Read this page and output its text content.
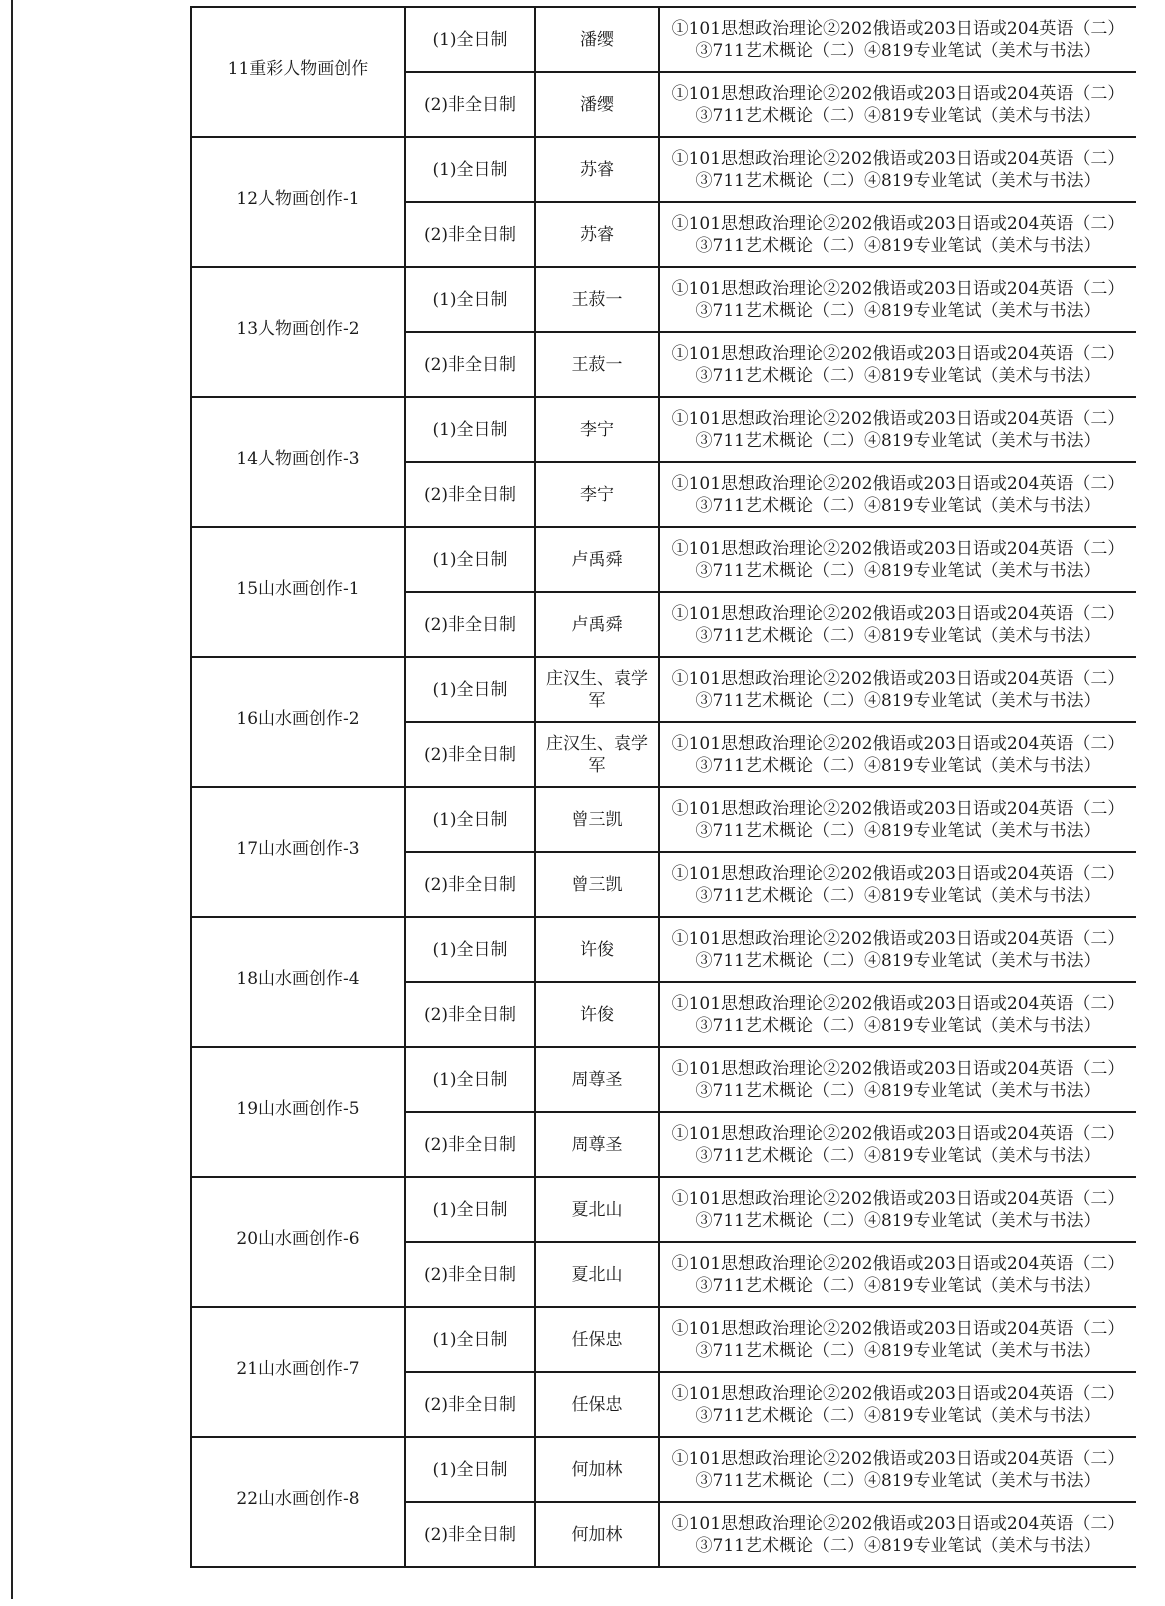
11重彩人物画创作	(1)全日制	潘缨	①101思想政治理论②202俄语或203日语或204英语（二）
③711艺术概论（二）④819专业笔试（美术与书法）

	(2)非全日制	潘缨	①101思想政治理论②202俄语或203日语或204英语（二）
③711艺术概论（二）④819专业笔试（美术与书法）

12人物画创作-1	(1)全日制	苏睿	①101思想政治理论②202俄语或203日语或204英语（二）
③711艺术概论（二）④819专业笔试（美术与书法）

	(2)非全日制	苏睿	①101思想政治理论②202俄语或203日语或204英语（二）
③711艺术概论（二）④819专业笔试（美术与书法）

13人物画创作-2	(1)全日制	王菽一	①101思想政治理论②202俄语或203日语或204英语（二）
③711艺术概论（二）④819专业笔试（美术与书法）

	(2)非全日制	王菽一	①101思想政治理论②202俄语或203日语或204英语（二）
③711艺术概论（二）④819专业笔试（美术与书法）

14人物画创作-3	(1)全日制	李宁	①101思想政治理论②202俄语或203日语或204英语（二）
③711艺术概论（二）④819专业笔试（美术与书法）

	(2)非全日制	李宁	①101思想政治理论②202俄语或203日语或204英语（二）
③711艺术概论（二）④819专业笔试（美术与书法）

15山水画创作-1	(1)全日制	卢禹舜	①101思想政治理论②202俄语或203日语或204英语（二）
③711艺术概论（二）④819专业笔试（美术与书法）

	(2)非全日制	卢禹舜	①101思想政治理论②202俄语或203日语或204英语（二）
③711艺术概论（二）④819专业笔试（美术与书法）

16山水画创作-2	(1)全日制	庄汉生、袁学军	①101思想政治理论②202俄语或203日语或204英语（二）
③711艺术概论（二）④819专业笔试（美术与书法）

	(2)非全日制	庄汉生、袁学军	①101思想政治理论②202俄语或203日语或204英语（二）
③711艺术概论（二）④819专业笔试（美术与书法）

17山水画创作-3	(1)全日制	曾三凯	①101思想政治理论②202俄语或203日语或204英语（二）
③711艺术概论（二）④819专业笔试（美术与书法）

	(2)非全日制	曾三凯	①101思想政治理论②202俄语或203日语或204英语（二）
③711艺术概论（二）④819专业笔试（美术与书法）

18山水画创作-4	(1)全日制	许俊	①101思想政治理论②202俄语或203日语或204英语（二）
③711艺术概论（二）④819专业笔试（美术与书法）

	(2)非全日制	许俊	①101思想政治理论②202俄语或203日语或204英语（二）
③711艺术概论（二）④819专业笔试（美术与书法）

19山水画创作-5	(1)全日制	周尊圣	①101思想政治理论②202俄语或203日语或204英语（二）
③711艺术概论（二）④819专业笔试（美术与书法）

	(2)非全日制	周尊圣	①101思想政治理论②202俄语或203日语或204英语（二）
③711艺术概论（二）④819专业笔试（美术与书法）

20山水画创作-6	(1)全日制	夏北山	①101思想政治理论②202俄语或203日语或204英语（二）
③711艺术概论（二）④819专业笔试（美术与书法）

	(2)非全日制	夏北山	①101思想政治理论②202俄语或203日语或204英语（二）
③711艺术概论（二）④819专业笔试（美术与书法）

21山水画创作-7	(1)全日制	任保忠	①101思想政治理论②202俄语或203日语或204英语（二）
③711艺术概论（二）④819专业笔试（美术与书法）

	(2)非全日制	任保忠	①101思想政治理论②202俄语或203日语或204英语（二）
③711艺术概论（二）④819专业笔试（美术与书法）

22山水画创作-8	(1)全日制	何加林	①101思想政治理论②202俄语或203日语或204英语（二）
③711艺术概论（二）④819专业笔试（美术与书法）

	(2)非全日制	何加林	①101思想政治理论②202俄语或203日语或204英语（二）
③711艺术概论（二）④819专业笔试（美术与书法）
